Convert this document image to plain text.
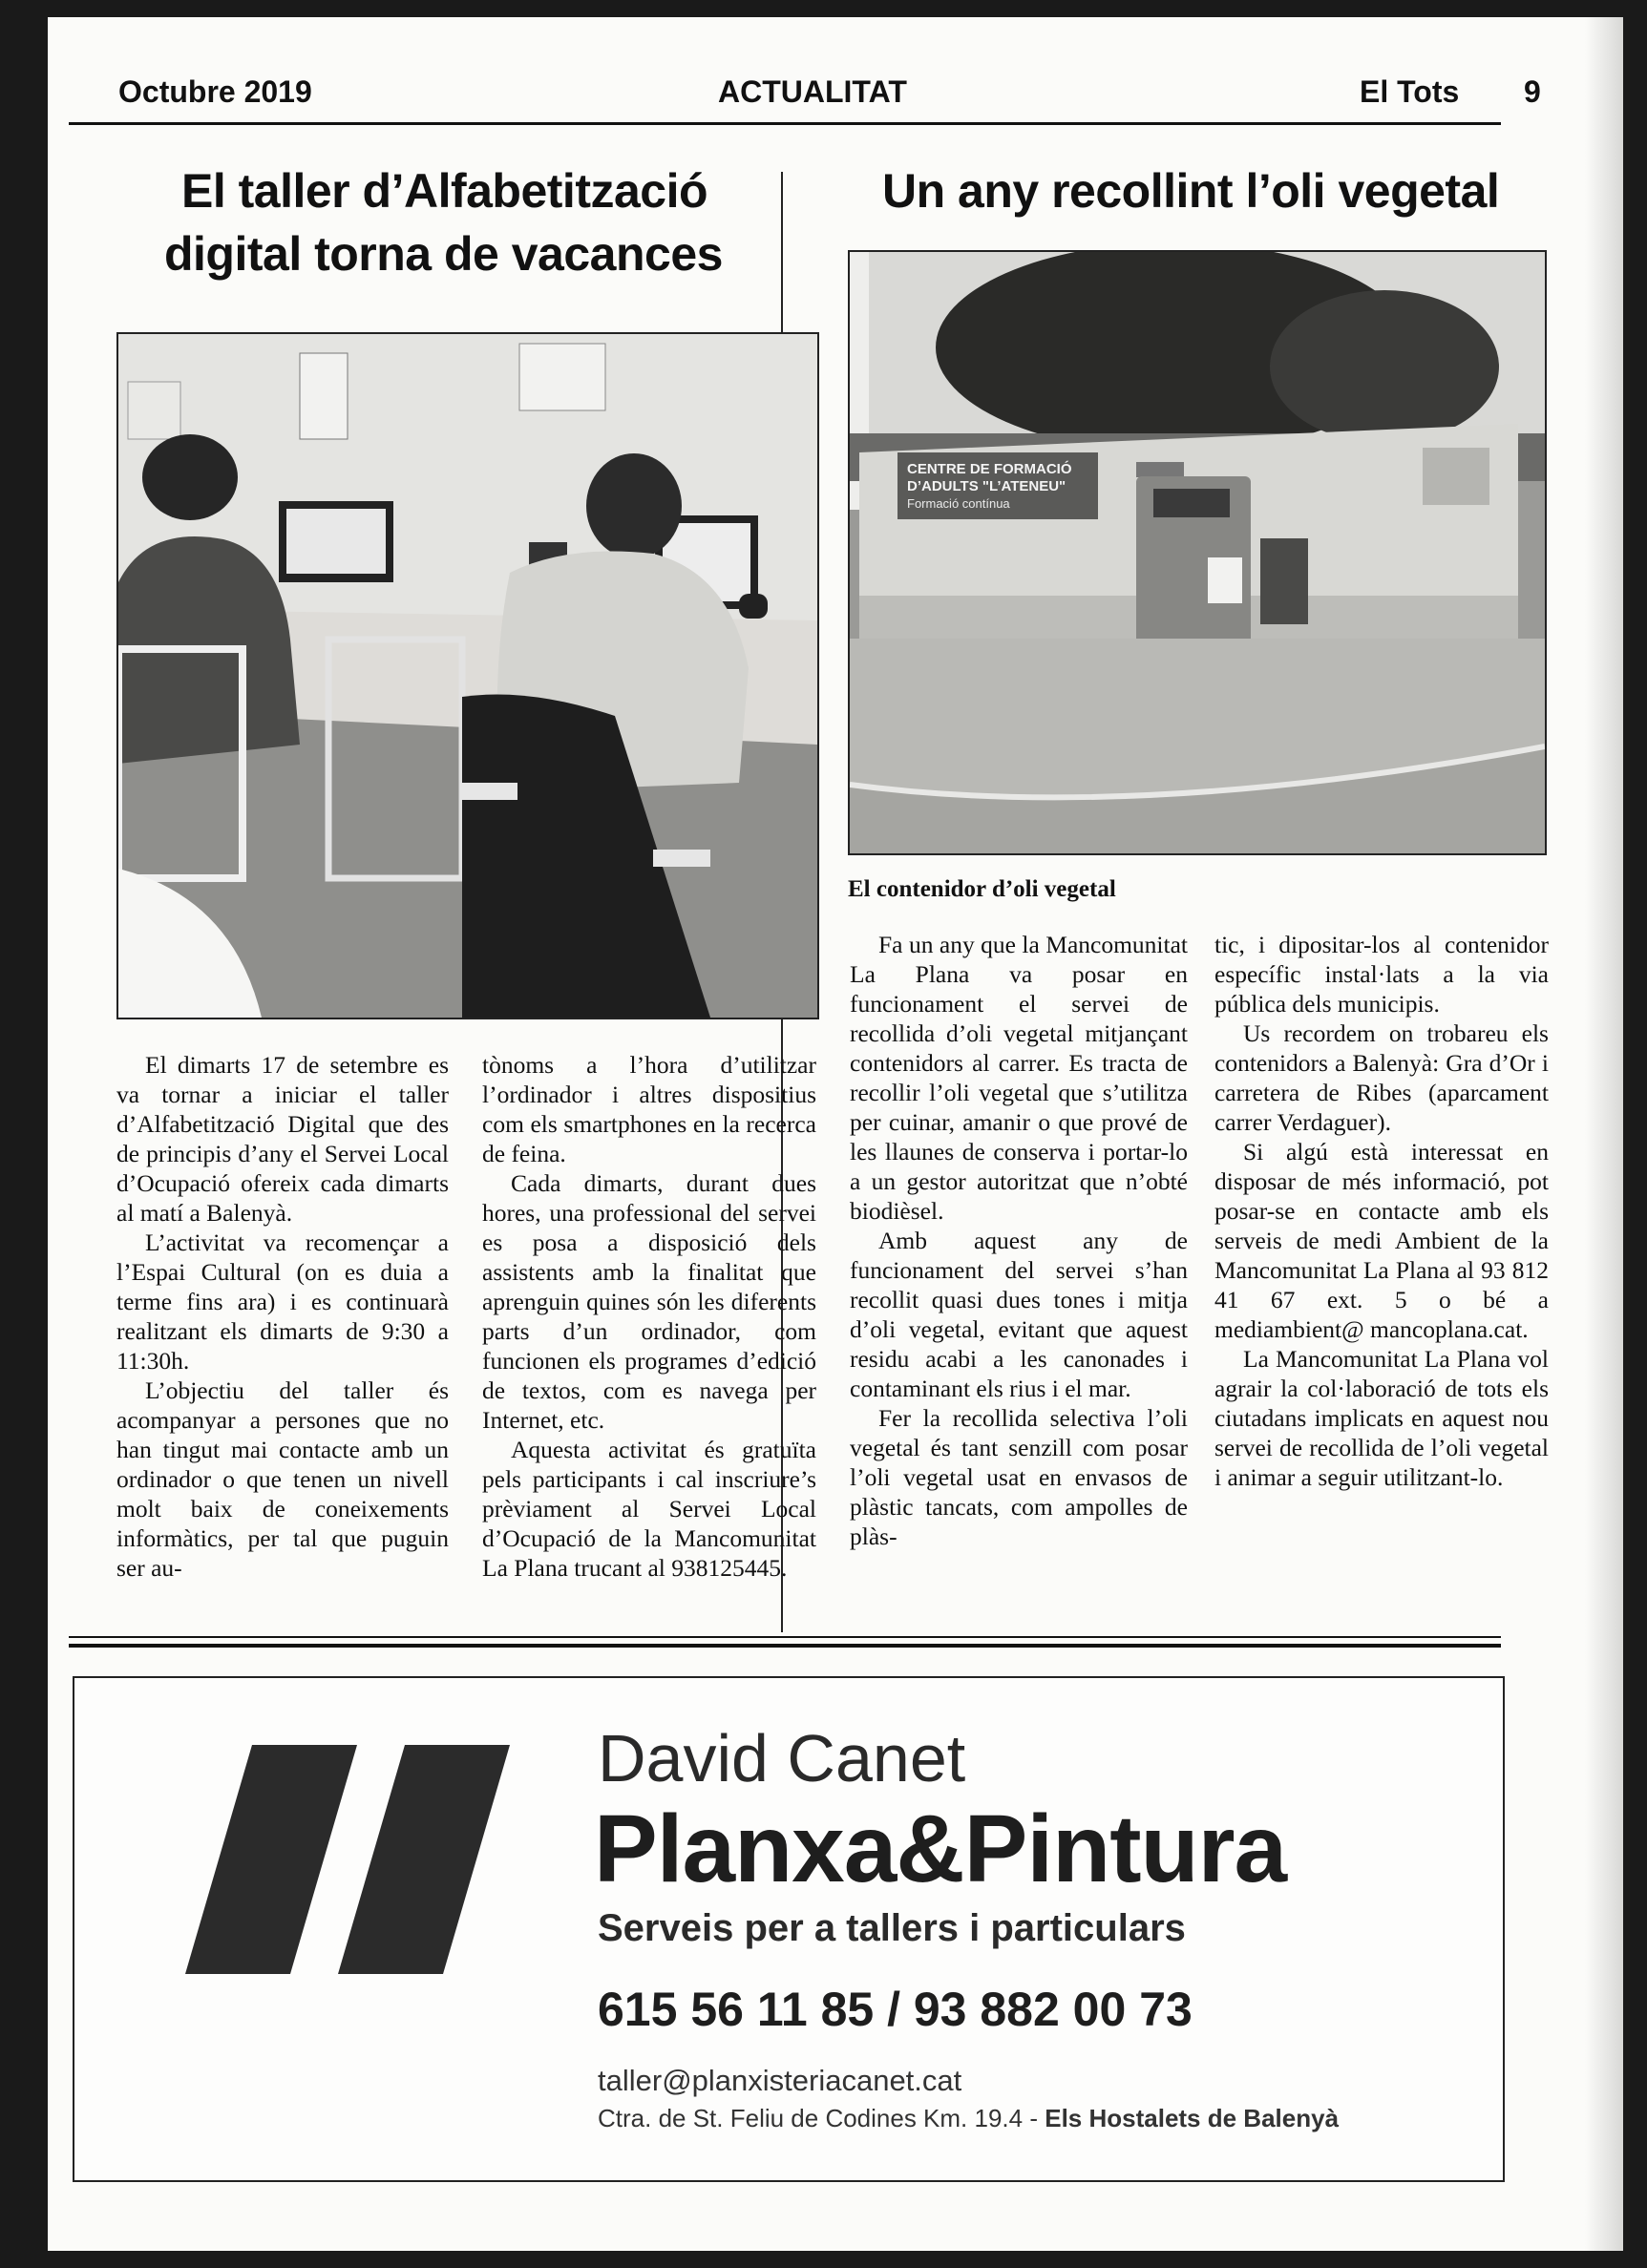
Octubre 2019	ACTUALITAT	El Tots 9
El taller d’Alfabetització
digital torna de vacances
Un any recollint l’oli vegetal
CENTRE DE FORMACIÓ
D’ADULTS "L’ATENEU"
Formació contínua
El contenidor d’oli vegetal

El dimarts 17 de setembre es va tornar a iniciar el taller d’Alfabetització Digital que des de principis d’any el Servei Local d’Ocupació ofereix cada dimarts al matí a Balenyà.

L’activitat va recomençar a l’Espai Cultural (on es duia a terme fins ara) i es continuarà realitzant els dimarts de 9:30 a 11:30h.

L’objectiu del taller és acompanyar a persones que no han tingut mai contacte amb un ordinador o que tenen un nivell molt baix de coneixements informàtics, per tal que puguin ser au-

tònoms a l’hora d’utilitzar l’ordinador i altres dispositius com els smartphones en la recerca de feina.

Cada dimarts, durant dues hores, una professional del servei es posa a disposició dels assistents amb la finalitat que aprenguin quines són les diferents parts d’un ordinador, com funcionen els programes d’edició de textos, com es navega per Internet, etc.

Aquesta activitat és gratuïta pels participants i cal inscriure’s prèviament al Servei Local d’Ocupació de la Mancomunitat La Plana trucant al 938125445.

Fa un any que la Mancomunitat La Plana va posar en funcionament el servei de recollida d’oli vegetal mitjançant contenidors al carrer. Es tracta de recollir l’oli vegetal que s’utilitza per cuinar, amanir o que prové de les llaunes de conserva i portar-lo a un gestor autoritzat que n’obté biodièsel.

Amb aquest any de funcionament del servei s’han recollit quasi dues tones i mitja d’oli vegetal, evitant que aquest residu acabi a les canonades i contaminant els rius i el mar.

Fer la recollida selectiva l’oli vegetal és tant senzill com posar l’oli vegetal usat en envasos de plàstic tancats, com ampolles de plàs-

tic, i dipositar-los al contenidor específic instal·lats a la via pública dels municipis.

Us recordem on trobareu els contenidors a Balenyà: Gra d’Or i carretera de Ribes (aparcament carrer Verdaguer).

Si algú està interessat en disposar de més informació, pot posar-se en contacte amb els serveis de medi Ambient de la Mancomunitat La Plana al 93 812 41 67 ext. 5 o bé a mediambient@ mancoplana.cat.

La Mancomunitat La Plana vol agrair la col·laboració de tots els ciutadans implicats en aquest nou servei de recollida de l’oli vegetal i animar a seguir utilitzant-lo.

David Canet
Planxa&Pintura
Serveis per a tallers i particulars
615 56 11 85 / 93 882 00 73
taller@planxisteriacanet.cat
Ctra. de St. Feliu de Codines Km. 19.4 - Els Hostalets de Balenyà
